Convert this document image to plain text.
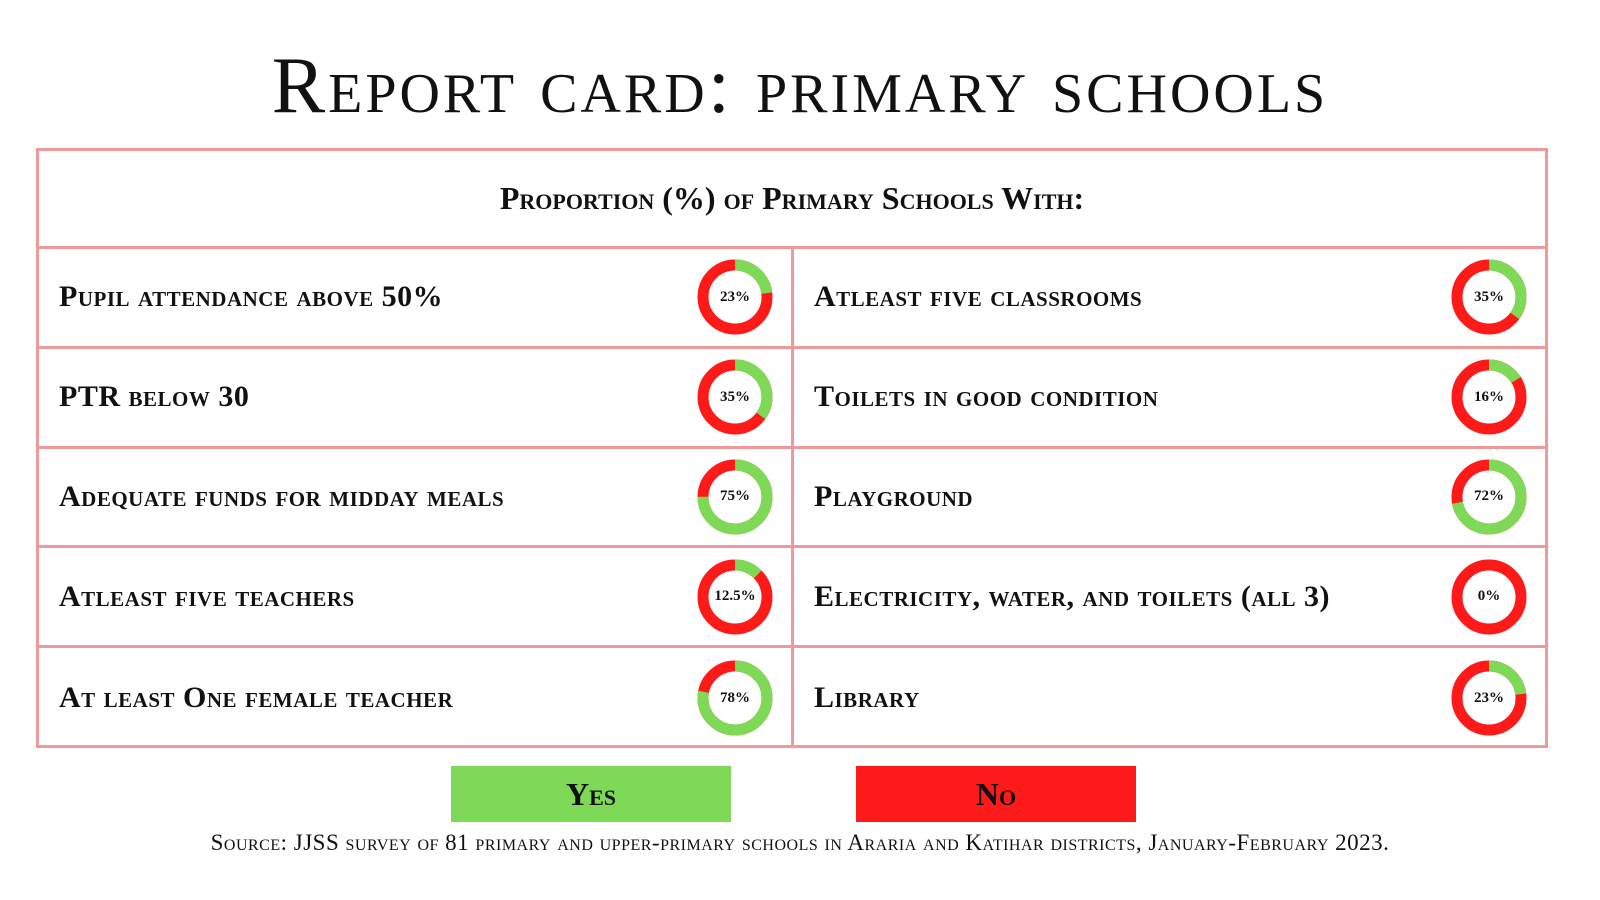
Report card: primary schools
Proportion (%) of Primary Schools With:
Pupil attendance above 50%	23%	Atleast five classrooms	35%
PTR below 30	35%	Toilets in good condition	16%
Adequate funds for midday meals	75%	Playground	72%
Atleast five teachers	12.5%	Electricity, water, and toilets (all 3)	0%
At least One female teacher	78%	Library	23%
Yes	No
Source: JJSS survey of 81 primary and upper-primary schools in Araria and Katihar districts, January-February 2023.
